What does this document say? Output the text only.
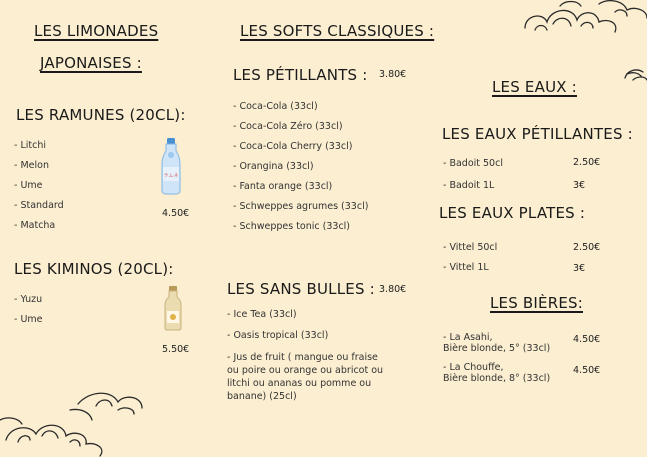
LES LIMONADES
JAPONAISES :
LES RAMUNES (20CL):
- Litchi
- Melon
- Ume
- Standard
- Matcha
ラムネ
4.50€
LES KIMINOS (20CL):
- Yuzu
- Ume
5.50€
LES SOFTS CLASSIQUES :
LES PÉTILLANTS : 3.80€
- Coca-Cola (33cl)
- Coca-Cola Zéro (33cl)
- Coca-Cola Cherry (33cl)
- Orangina (33cl)
- Fanta orange (33cl)
- Schweppes agrumes (33cl)
- Schweppes tonic (33cl)
LES SANS BULLES : 3.80€
- Ice Tea (33cl)
- Oasis tropical (33cl)
- Jus de fruit ( mangue ou fraise ou poire ou orange ou abricot ou litchi ou ananas ou pomme ou banane) (25cl)
LES EAUX :
LES EAUX PÉTILLANTES :
- Badoit 50cl	2.50€
- Badoit 1L	3€
LES EAUX PLATES :
- Vittel 50cl	2.50€
- Vittel 1L	3€
LES BIÈRES:
- La Asahi,
Bière blonde, 5° (33cl)
4.50€
- La Chouffe,
Bière blonde, 8° (33cl)
4.50€
